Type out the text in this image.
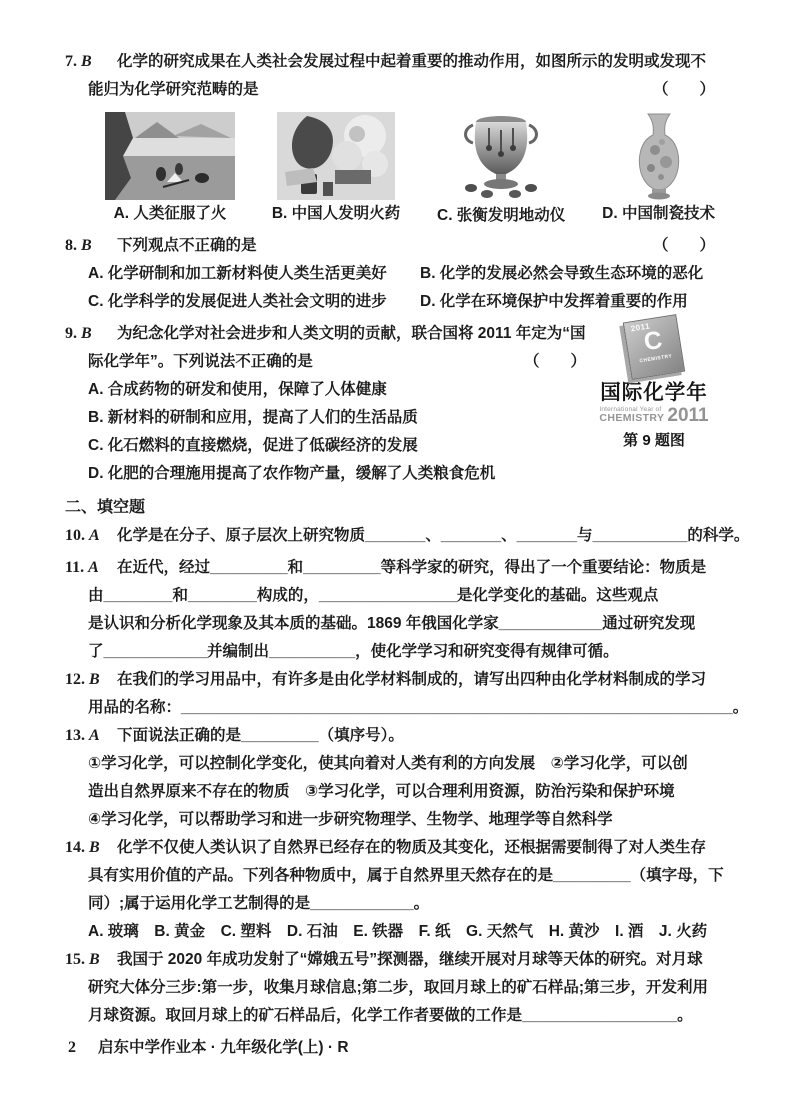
7. B 化学的研究成果在人类社会发展过程中起着重要的推动作用，如图所示的发明或发现不
能归为化学研究范畴的是	（　　）
A. 人类征服了火	B. 中国人发明火药 C. 张衡发明地动仪 D. 中国制瓷技术
8. B 下列观点不正确的是	（　　）
A. 化学研制和加工新材料使人类生活更美好	B. 化学的发展必然会导致生态环境的恶化
C. 化学科学的发展促进人类社会文明的进步	D. 化学在环境保护中发挥着重要的作用
9. B 为纪念化学对社会进步和人类文明的贡献，联合国将 2011 年定为“国
际化学年”。下列说法不正确的是	（　　）
A. 合成药物的研发和使用，保障了人体健康
B. 新材料的研制和应用，提高了人们的生活品质
C. 化石燃料的直接燃烧，促进了低碳经济的发展
D. 化肥的合理施用提高了农作物产量，缓解了人类粮食危机
2011
C
CHEMISTRY
国际化学年
International Year of
CHEMISTRY 2011
第 9 题图
二、填空题
10. A 化学是在分子、原子层次上研究物质_______、_______、_______与___________的科学。
11. A 在近代，经过_________和_________等科学家的研究，得出了一个重要结论：物质是
由________和________构成的，________________是化学变化的基础。这些观点
是认识和分析化学现象及其本质的基础。1869 年俄国化学家____________通过研究发现
了____________并编制出__________，使化学学习和研究变得有规律可循。
12. B 在我们的学习用品中，有许多是由化学材料制成的，请写出四种由化学材料制成的学习
用品的名称：________________________________________________________________。
13. A 下面说法正确的是_________（填序号）。
①学习化学，可以控制化学变化，使其向着对人类有利的方向发展　②学习化学，可以创
造出自然界原来不存在的物质　③学习化学，可以合理利用资源，防治污染和保护环境
④学习化学，可以帮助学习和进一步研究物理学、生物学、地理学等自然科学
14. B 化学不仅使人类认识了自然界已经存在的物质及其变化，还根据需要制得了对人类生存
具有实用价值的产品。下列各种物质中，属于自然界里天然存在的是_________（填字母，下
同）;属于运用化学工艺制得的是____________。
A. 玻璃　B. 黄金　C. 塑料　D. 石油　E. 铁器　F. 纸　G. 天然气　H. 黄沙　I. 酒　J. 火药
15. B 我国于 2020 年成功发射了“嫦娥五号”探测器，继续开展对月球等天体的研究。对月球
研究大体分三步:第一步，收集月球信息;第二步，取回月球上的矿石样品;第三步，开发利用
月球资源。取回月球上的矿石样品后，化学工作者要做的工作是__________________。
2 启东中学作业本 · 九年级化学(上) · R
